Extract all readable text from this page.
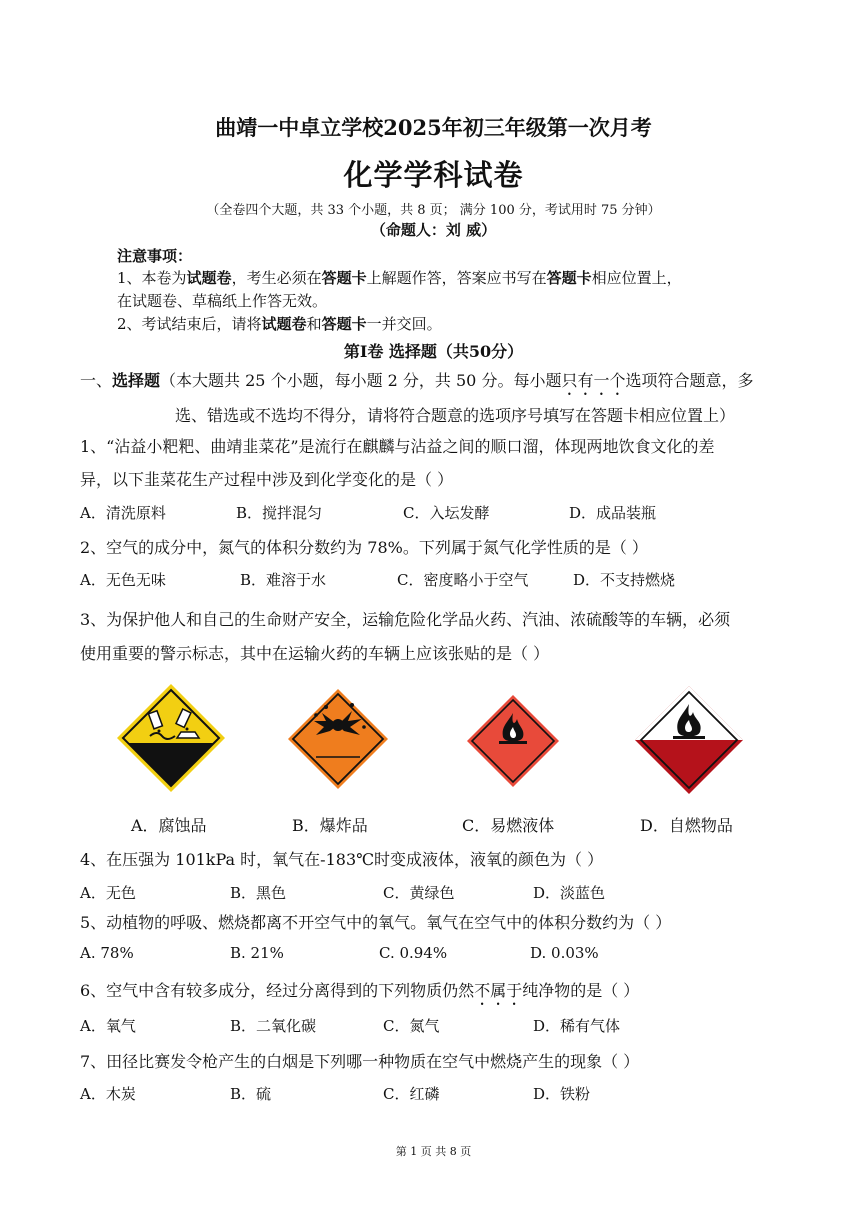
曲靖一中卓立学校2025年初三年级第一次月考
化学学科试卷
（全卷四个大题，共 33 个小题，共 8 页； 满分 100 分，考试用时 75 分钟）
（命题人：刘 威）
注意事项：
1、本卷为试题卷，考生必须在答题卡上解题作答，答案应书写在答题卡相应位置上，
在试题卷、草稿纸上作答无效。
2、考试结束后，请将试题卷和答题卡一并交回。
第Ⅰ卷 选择题（共50分）
一、选择题（本大题共 25 个小题，每小题 2 分，共 50 分。每小题只有一个选项符合题意，多
选、错选或不选均不得分，请将符合题意的选项序号填写在答题卡相应位置上）
1、“沾益小粑粑、曲靖韭菜花”是流行在麒麟与沾益之间的顺口溜，体现两地饮食文化的差
异，以下韭菜花生产过程中涉及到化学变化的是（ ）
A．清洗原料	B．搅拌混匀	C．入坛发酵	D．成品装瓶
2、空气的成分中，氮气的体积分数约为 78%。下列属于氮气化学性质的是（ ）
A．无色无味	B．难溶于水	C．密度略小于空气	D．不支持燃烧
3、为保护他人和自己的生命财产安全，运输危险化学品火药、汽油、浓硫酸等的车辆，必须
使用重要的警示标志，其中在运输火药的车辆上应该张贴的是（ ）
A．腐蚀品	B．爆炸品	C．易燃液体	D．自燃物品
4、在压强为 101kPa 时，氧气在-183℃时变成液体，液氧的颜色为（ ）
A．无色	B．黑色	C．黄绿色	D．淡蓝色
5、动植物的呼吸、燃烧都离不开空气中的氧气。氧气在空气中的体积分数约为（ ）
A. 78%	B. 21%	C. 0.94%	D. 0.03%
6、空气中含有较多成分，经过分离得到的下列物质仍然不属于纯净物的是（ ）
A．氧气	B．二氧化碳	C．氮气	D．稀有气体
7、田径比赛发令枪产生的白烟是下列哪一种物质在空气中燃烧产生的现象（ ）
A．木炭	B．硫	C．红磷	D．铁粉
第 1 页 共 8 页
